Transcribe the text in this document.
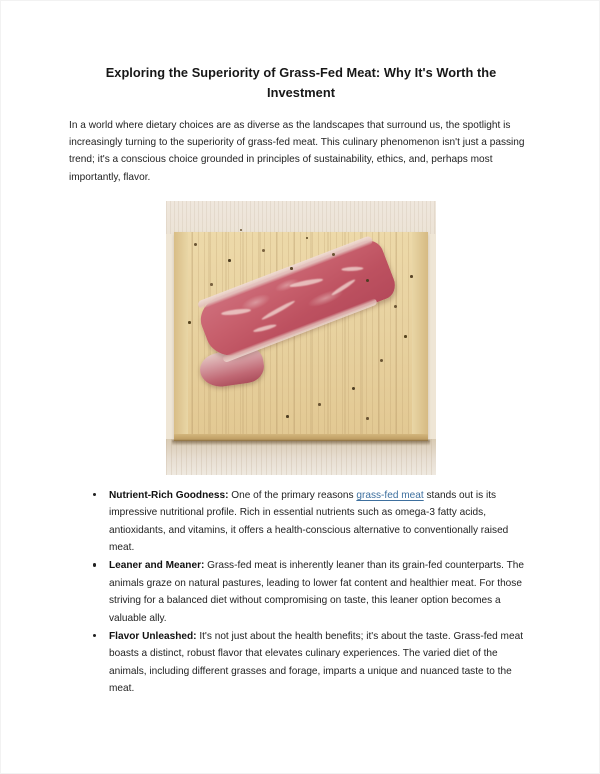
Exploring the Superiority of Grass-Fed Meat: Why It's Worth the Investment

In a world where dietary choices are as diverse as the landscapes that surround us, the spotlight is increasingly turning to the superiority of grass-fed meat. This culinary phenomenon isn't just a passing trend; it's a conscious choice grounded in principles of sustainability, ethics, and, perhaps most importantly, flavor.

Nutrient-Rich Goodness: One of the primary reasons grass-fed meat stands out is its impressive nutritional profile. Rich in essential nutrients such as omega-3 fatty acids, antioxidants, and vitamins, it offers a health-conscious alternative to conventionally raised meat.
Leaner and Meaner: Grass-fed meat is inherently leaner than its grain-fed counterparts. The animals graze on natural pastures, leading to lower fat content and healthier meat. For those striving for a balanced diet without compromising on taste, this leaner option becomes a valuable ally.
Flavor Unleashed: It's not just about the health benefits; it's about the taste. Grass-fed meat boasts a distinct, robust flavor that elevates culinary experiences. The varied diet of the animals, including different grasses and forage, imparts a unique and nuanced taste to the meat.
